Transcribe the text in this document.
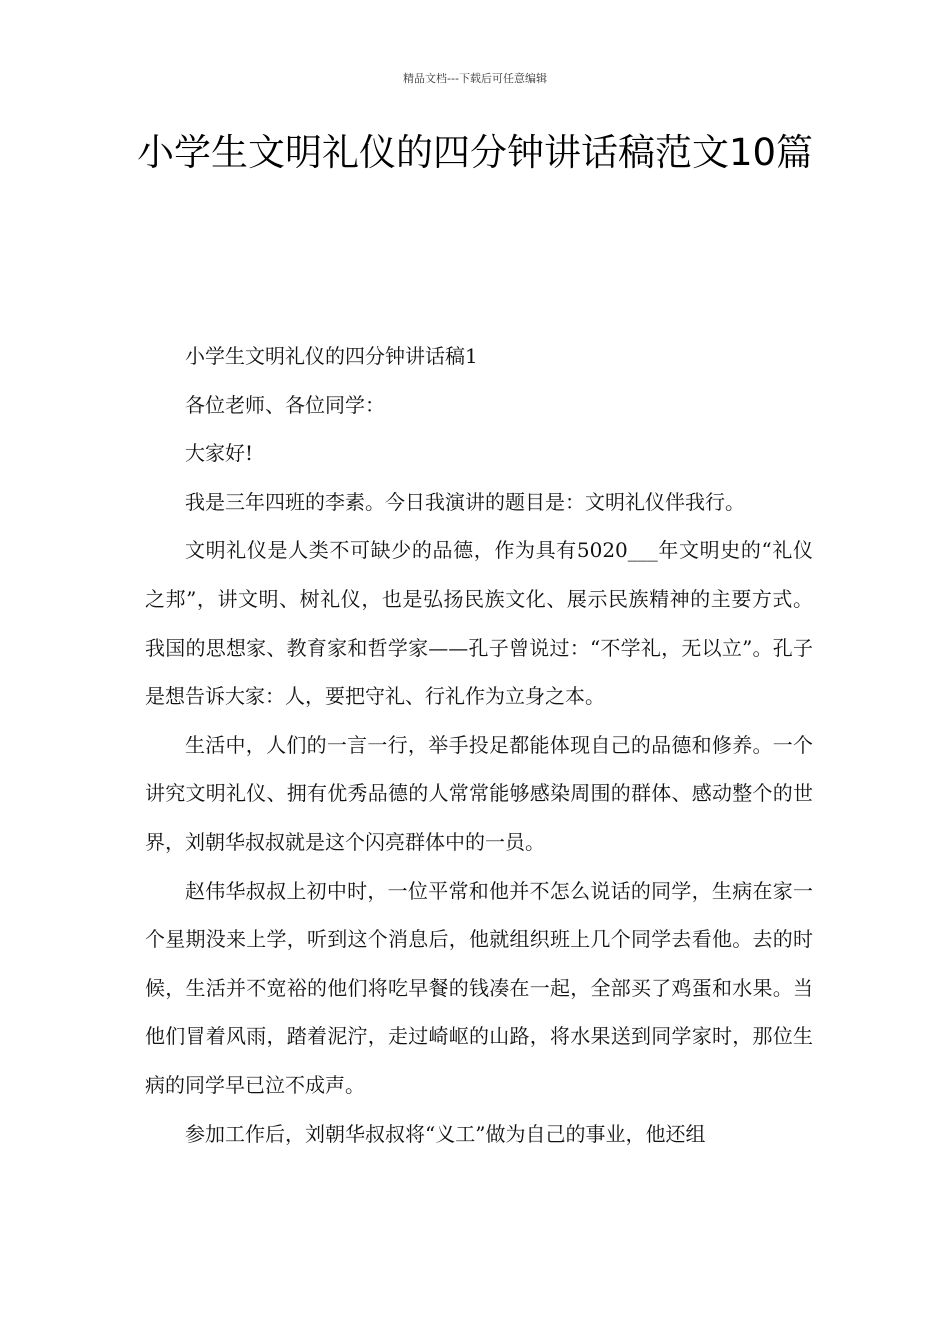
精品文档---下载后可任意编辑
小学生文明礼仪的四分钟讲话稿范文10篇

小学生文明礼仪的四分钟讲话稿1

各位老师、各位同学：

大家好!

我是三年四班的李素。今日我演讲的题目是：文明礼仪伴我行。

文明礼仪是人类不可缺少的品德，作为具有5020___年文明史的“礼仪之邦”，讲文明、树礼仪，也是弘扬民族文化、展示民族精神的主要方式。我国的思想家、教育家和哲学家——孔子曾说过：“不学礼，无以立”。孔子是想告诉大家：人，要把守礼、行礼作为立身之本。

生活中，人们的一言一行，举手投足都能体现自己的品德和修养。一个讲究文明礼仪、拥有优秀品德的人常常能够感染周围的群体、感动整个的世界，刘朝华叔叔就是这个闪亮群体中的一员。

赵伟华叔叔上初中时，一位平常和他并不怎么说话的同学，生病在家一个星期没来上学，听到这个消息后，他就组织班上几个同学去看他。去的时候，生活并不宽裕的他们将吃早餐的钱凑在一起，全部买了鸡蛋和水果。当他们冒着风雨，踏着泥泞，走过崎岖的山路，将水果送到同学家时，那位生病的同学早已泣不成声。

参加工作后，刘朝华叔叔将“义工”做为自己的事业，他还组
